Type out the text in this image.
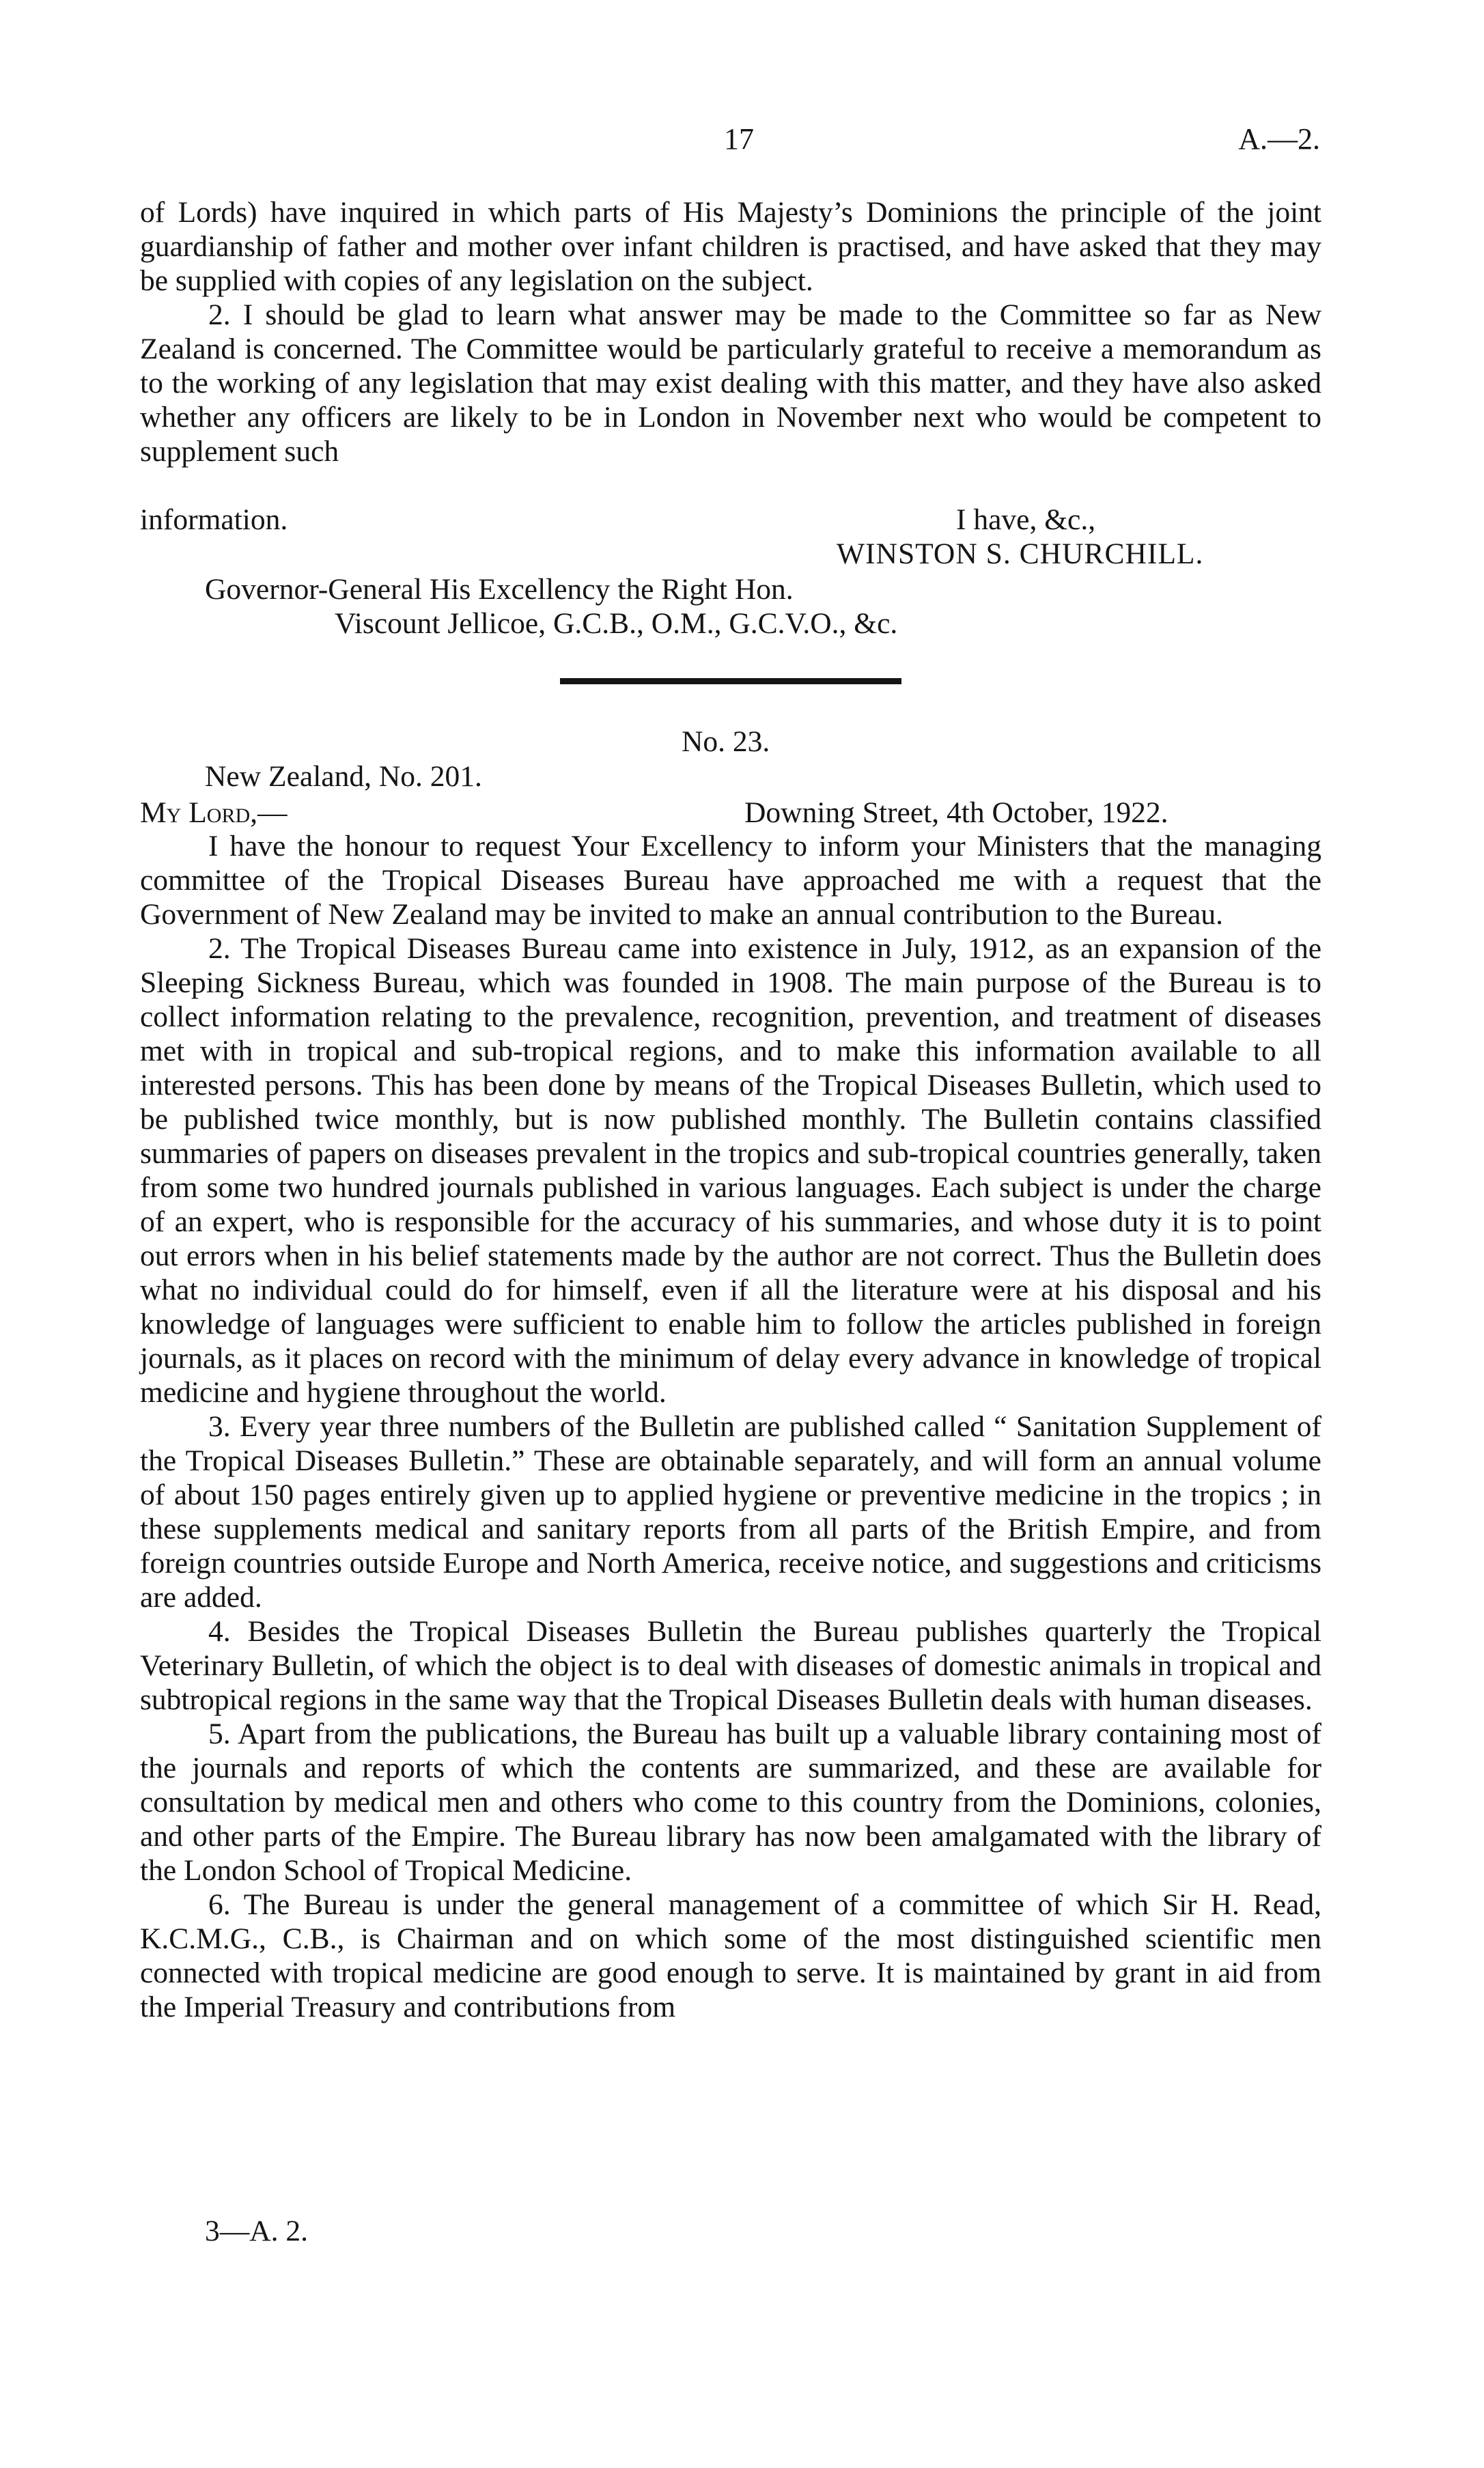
17	A.—2.

of Lords) have inquired in which parts of His Majesty’s Dominions the principle of the joint guardianship of father and mother over infant children is practised, and have asked that they may be supplied with copies of any legislation on the subject.

2. I should be glad to learn what answer may be made to the Committee so far as New Zealand is concerned. The Committee would be particularly grateful to receive a memorandum as to the working of any legislation that may exist dealing with this matter, and they have also asked whether any officers are likely to be in London in November next who would be competent to supplement such

information.	I have, &c.,
WINSTON S. CHURCHILL.
Governor-General His Excellency the Right Hon.
Viscount Jellicoe, G.C.B., O.M., G.C.V.O., &c.
No. 23.
New Zealand, No. 201.
My Lord,—	Downing Street, 4th October, 1922.

I have the honour to request Your Excellency to inform your Ministers that the managing committee of the Tropical Diseases Bureau have approached me with a request that the Government of New Zealand may be invited to make an annual contribution to the Bureau.

2. The Tropical Diseases Bureau came into existence in July, 1912, as an expansion of the Sleeping Sickness Bureau, which was founded in 1908. The main purpose of the Bureau is to collect information relating to the prevalence, recognition, prevention, and treatment of diseases met with in tropical and sub-tropical regions, and to make this information available to all interested persons. This has been done by means of the Tropical Diseases Bulletin, which used to be published twice monthly, but is now published monthly. The Bulletin contains classified summaries of papers on diseases prevalent in the tropics and sub-tropical countries generally, taken from some two hundred journals published in various languages. Each subject is under the charge of an expert, who is responsible for the accuracy of his summaries, and whose duty it is to point out errors when in his belief statements made by the author are not correct. Thus the Bulletin does what no individual could do for himself, even if all the literature were at his disposal and his knowledge of languages were sufficient to enable him to follow the articles published in foreign journals, as it places on record with the minimum of delay every advance in knowledge of tropical medicine and hygiene throughout the world.

3. Every year three numbers of the Bulletin are published called “ Sanitation Supplement of the Tropical Diseases Bulletin.” These are obtainable separately, and will form an annual volume of about 150 pages entirely given up to applied hygiene or preventive medicine in the tropics ; in these supplements medical and sanitary reports from all parts of the British Empire, and from foreign countries outside Europe and North America, receive notice, and suggestions and criticisms are added.

4. Besides the Tropical Diseases Bulletin the Bureau publishes quarterly the Tropical Veterinary Bulletin, of which the object is to deal with diseases of domestic animals in tropical and subtropical regions in the same way that the Tropical Diseases Bulletin deals with human diseases.

5. Apart from the publications, the Bureau has built up a valuable library containing most of the journals and reports of which the contents are summarized, and these are available for consultation by medical men and others who come to this country from the Dominions, colonies, and other parts of the Empire. The Bureau library has now been amalgamated with the library of the London School of Tropical Medicine.

6. The Bureau is under the general management of a committee of which Sir H. Read, K.C.M.G., C.B., is Chairman and on which some of the most distinguished scientific men connected with tropical medicine are good enough to serve. It is maintained by grant in aid from the Imperial Treasury and contributions from

3—A. 2.
